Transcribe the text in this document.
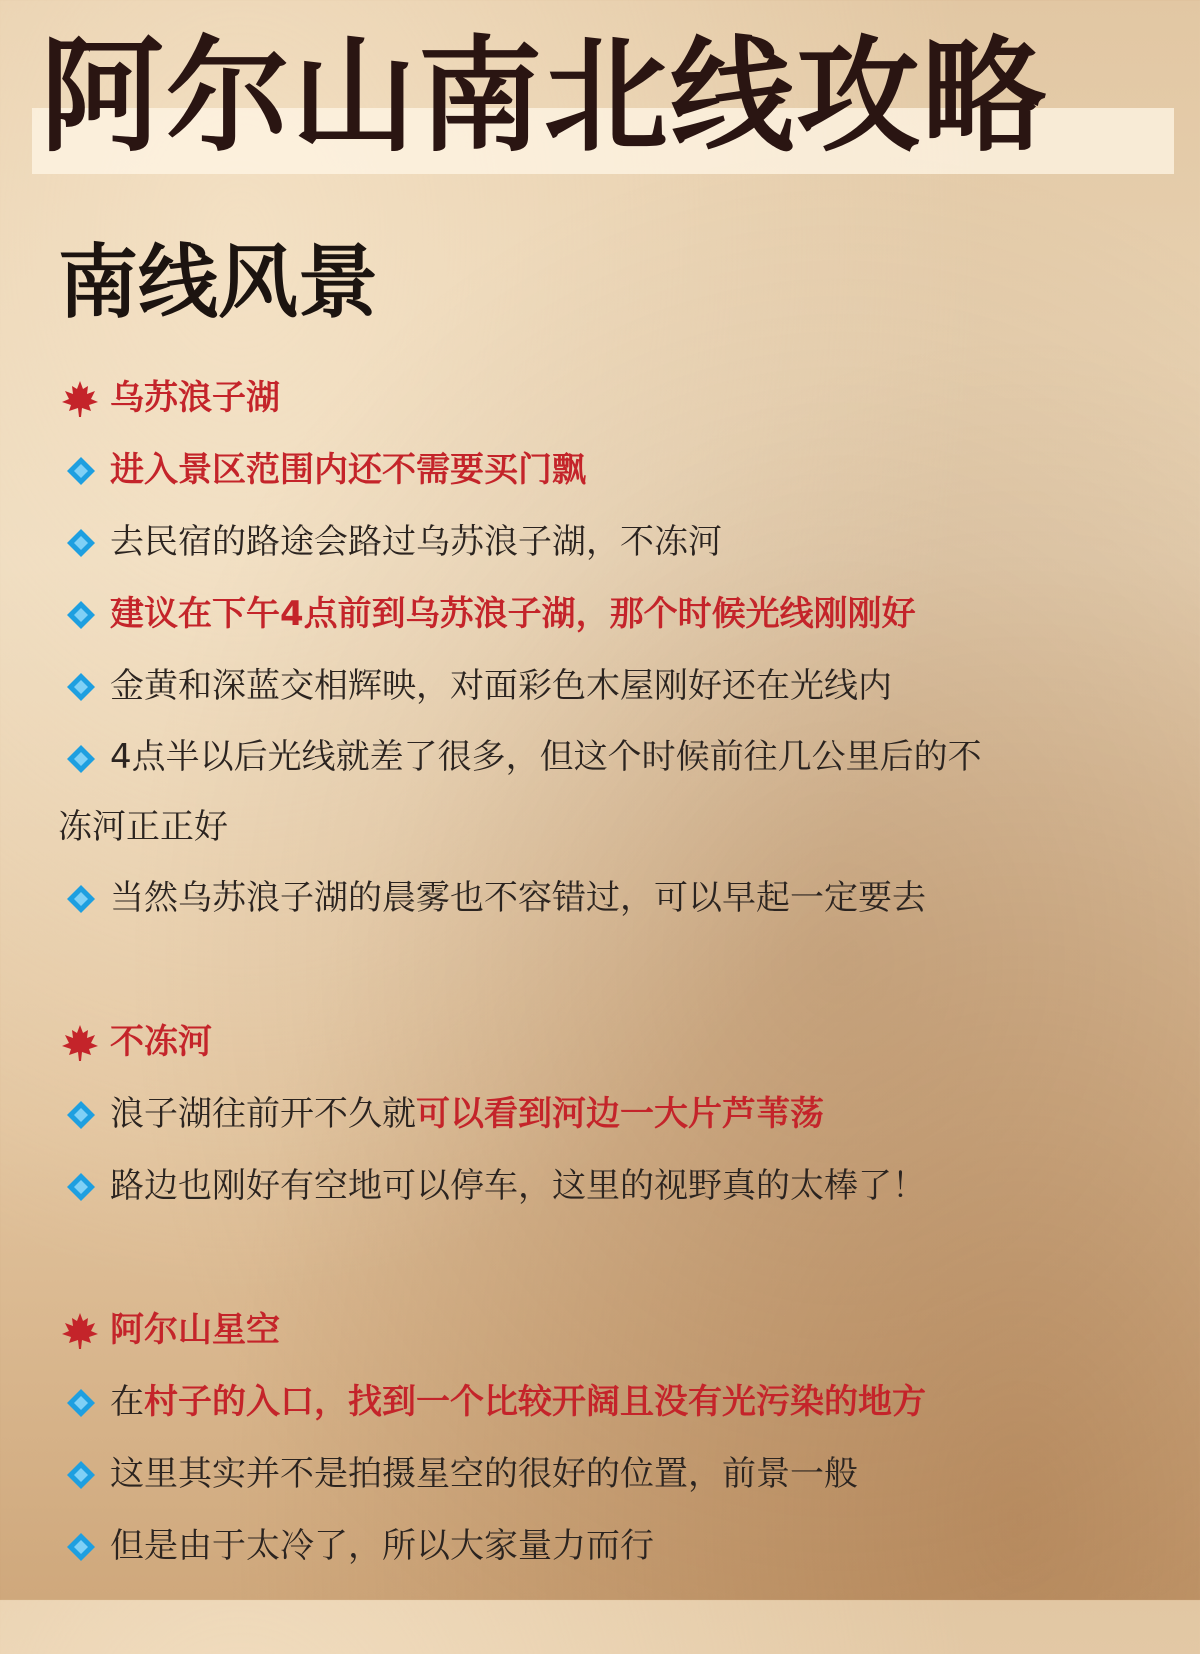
阿尔山南北线攻略
南线风景
乌苏浪子湖
进入景区范围内还不需要买门飘
去民宿的路途会路过乌苏浪子湖，不冻河
建议在下午4点前到乌苏浪子湖，那个时候光线刚刚好
金黄和深蓝交相辉映，对面彩色木屋刚好还在光线内
4点半以后光线就差了很多，但这个时候前往几公里后的不
冻河正正好
当然乌苏浪子湖的晨雾也不容错过，可以早起一定要去
不冻河
浪子湖往前开不久就可以看到河边一大片芦苇荡
路边也刚好有空地可以停车，这里的视野真的太棒了！
阿尔山星空
在村子的入口，找到一个比较开阔且没有光污染的地方
这里其实并不是拍摄星空的很好的位置，前景一般
但是由于太冷了，所以大家量力而行
